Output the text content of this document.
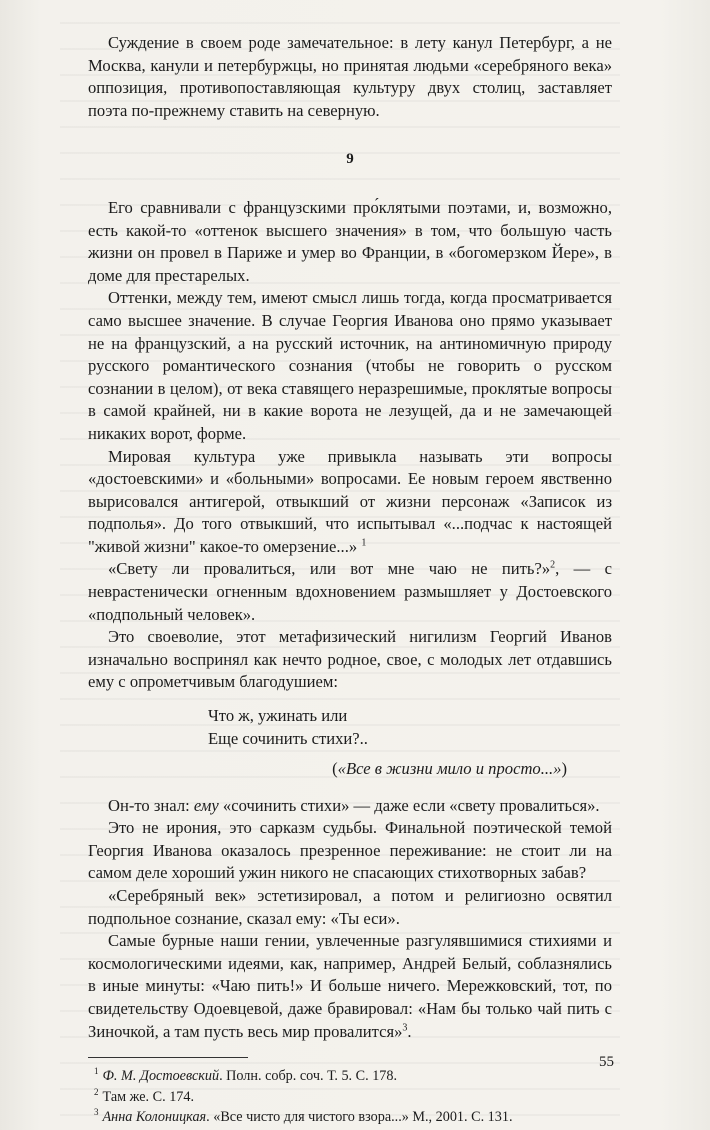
Суждение в своем роде замечательное: в лету канул Петербург, а не Москва, канули и петербуржцы, но принятая людьми «серебряного века» оппозиция, противопоставляющая культуру двух столиц, заставляет поэта по-прежнему ставить на северную.

9

Его сравнивали с французскими про́клятыми поэтами, и, возможно, есть какой-то «оттенок высшего значения» в том, что большую часть жизни он провел в Париже и умер во Франции, в «богомерзком Йере», в доме для престарелых.

Оттенки, между тем, имеют смысл лишь тогда, когда просматривается само высшее значение. В случае Георгия Иванова оно прямо указывает не на французский, а на русский источник, на антиномичную природу русского романтического сознания (чтобы не говорить о русском сознании в целом), от века ставящего неразрешимые, проклятые вопросы в самой крайней, ни в какие ворота не лезущей, да и не замечающей никаких ворот, форме.

Мировая культура уже привыкла называть эти вопросы «достоевскими» и «больными» вопросами. Ее новым героем явственно вырисовался антигерой, отвыкший от жизни персонаж «Записок из подполья». До того отвыкший, что испытывал «...подчас к настоящей "живой жизни" какое-то омерзение...» $^1$

«Свету ли провалиться, или вот мне чаю не пить?»$^2$, — с неврастенически огненным вдохновением размышляет у Достоевского «подпольный человек».

Это своеволие, этот метафизический нигилизм Георгий Иванов изначально воспринял как нечто родное, свое, с молодых лет отдавшись ему с опрометчивым благодушием:

Что ж, ужинать или
Еще сочинить стихи?..
(«Все в жизни мило и просто...»)

Он-то знал: ему «сочинить стихи» — даже если «свету провалиться».

Это не ирония, это сарказм судьбы. Финальной поэтической темой Георгия Иванова оказалось презренное переживание: не стоит ли на самом деле хороший ужин никого не спасающих стихотворных забав?

«Серебряный век» эстетизировал, а потом и религиозно освятил подпольное сознание, сказал ему: «Ты еси».

Самые бурные наши гении, увлеченные разгулявшимися стихиями и космологическими идеями, как, например, Андрей Белый, соблазнялись в иные минуты: «Чаю пить!» И больше ничего. Мережковский, тот, по свидетельству Одоевцевой, даже бравировал: «Нам бы только чай пить с Зиночкой, а там пусть весь мир провалится»$^3$.

$^1$ Ф. М. Достоевский. Полн. собр. соч. Т. 5. С. 178.

$^2$ Там же. С. 174.

$^3$ Анна Колоницкая. «Все чисто для чистого взора...» М., 2001. С. 131.

55
